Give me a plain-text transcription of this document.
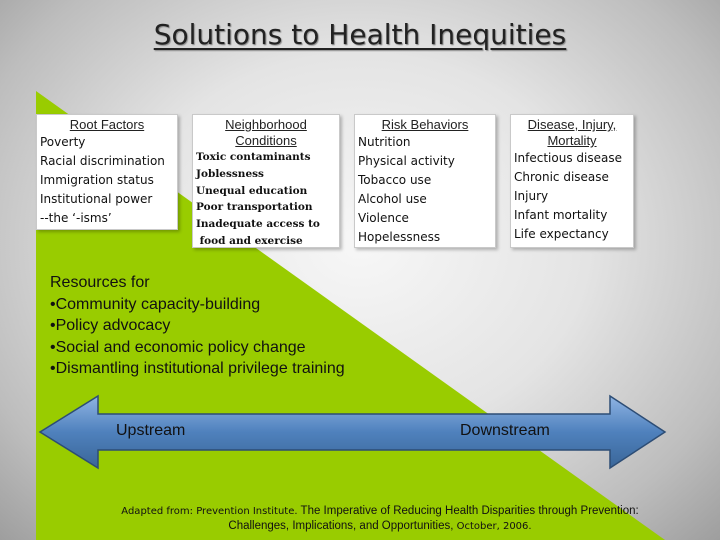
Solutions to Health Inequities
Root Factors
Poverty
Racial discrimination
Immigration status
Institutional power
--the ‘-isms’
Neighborhood
Conditions
Toxic contaminants
Joblessness
Unequal education
Poor transportation
Inadequate access to
food and exercise
Risk Behaviors
Nutrition
Physical activity
Tobacco use
Alcohol use
Violence
Hopelessness
Disease, Injury,
Mortality
Infectious disease
Chronic disease
Injury
Infant mortality
Life expectancy
Resources for
•Community capacity-building
•Policy advocacy
•Social and economic policy change
•Dismantling institutional privilege training
Upstream	Downstream
Adapted from: Prevention Institute. The Imperative of Reducing Health Disparities through Prevention:
Challenges, Implications, and Opportunities, October, 2006.
